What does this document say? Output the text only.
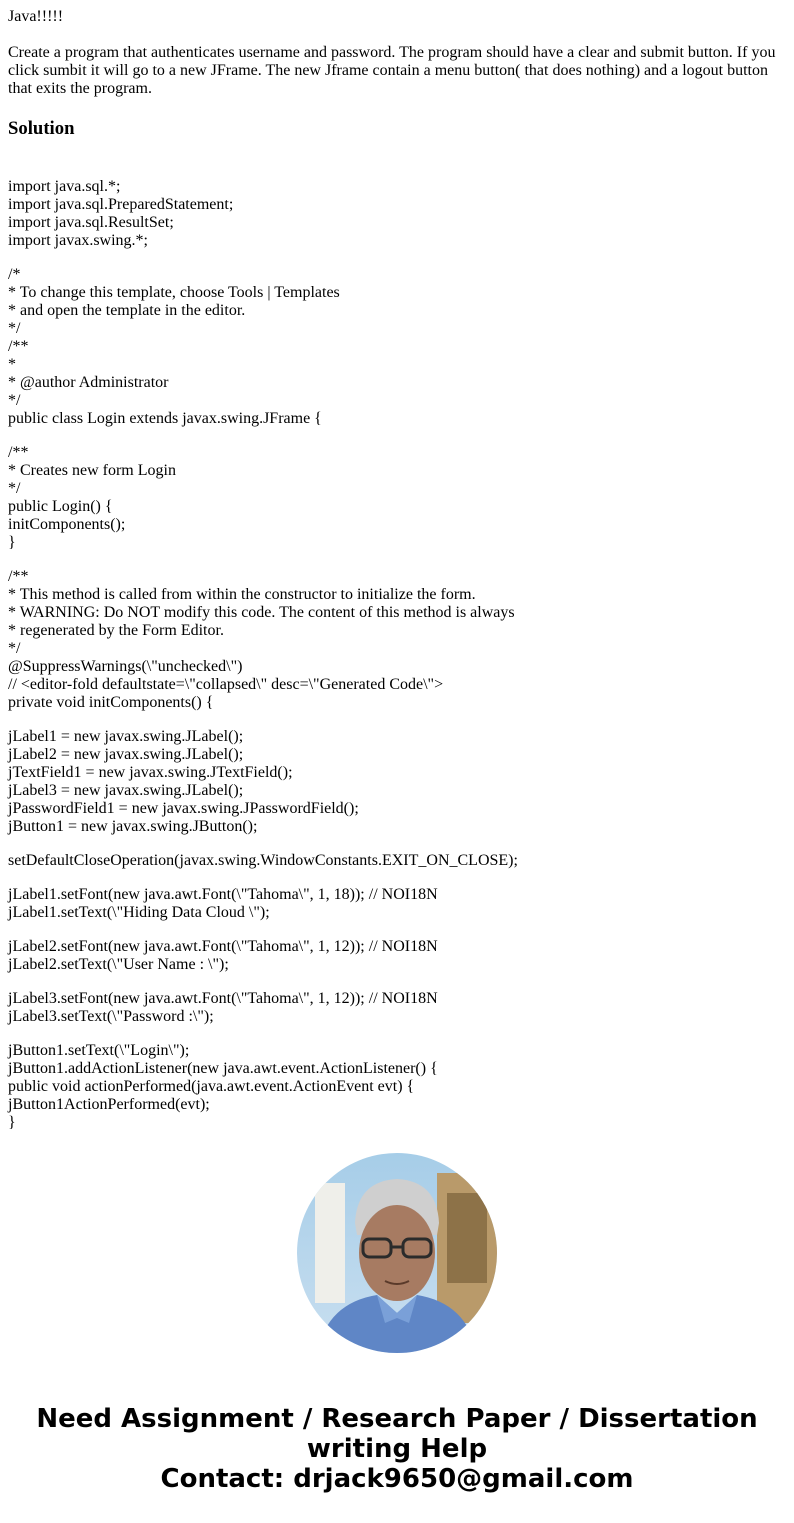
Java!!!!!

Create a program that authenticates username and password. The program should have a clear and submit button. If you click sumbit it will go to a new JFrame. The new Jframe contain a menu button( that does nothing) and a logout button that exits the program.

Solution
import java.sql.*;
import java.sql.PreparedStatement;
import java.sql.ResultSet;
import javax.swing.*;
/*
* To change this template, choose Tools | Templates
* and open the template in the editor.
*/
/**
*
* @author Administrator
*/
public class Login extends javax.swing.JFrame {
/**
* Creates new form Login
*/
public Login() {
initComponents();
}
/**
* This method is called from within the constructor to initialize the form.
* WARNING: Do NOT modify this code. The content of this method is always
* regenerated by the Form Editor.
*/
@SuppressWarnings(\"unchecked\")
// <editor-fold defaultstate=\"collapsed\" desc=\"Generated Code\">
private void initComponents() {
jLabel1 = new javax.swing.JLabel();
jLabel2 = new javax.swing.JLabel();
jTextField1 = new javax.swing.JTextField();
jLabel3 = new javax.swing.JLabel();
jPasswordField1 = new javax.swing.JPasswordField();
jButton1 = new javax.swing.JButton();
setDefaultCloseOperation(javax.swing.WindowConstants.EXIT_ON_CLOSE);
jLabel1.setFont(new java.awt.Font(\"Tahoma\", 1, 18)); // NOI18N
jLabel1.setText(\"Hiding Data Cloud \");
jLabel2.setFont(new java.awt.Font(\"Tahoma\", 1, 12)); // NOI18N
jLabel2.setText(\"User Name : \");
jLabel3.setFont(new java.awt.Font(\"Tahoma\", 1, 12)); // NOI18N
jLabel3.setText(\"Password :\");
jButton1.setText(\"Login\");
jButton1.addActionListener(new java.awt.event.ActionListener() {
public void actionPerformed(java.awt.event.ActionEvent evt) {
jButton1ActionPerformed(evt);
}
Need Assignment / Research Paper / Dissertation
writing Help
Contact: drjack9650@gmail.com
